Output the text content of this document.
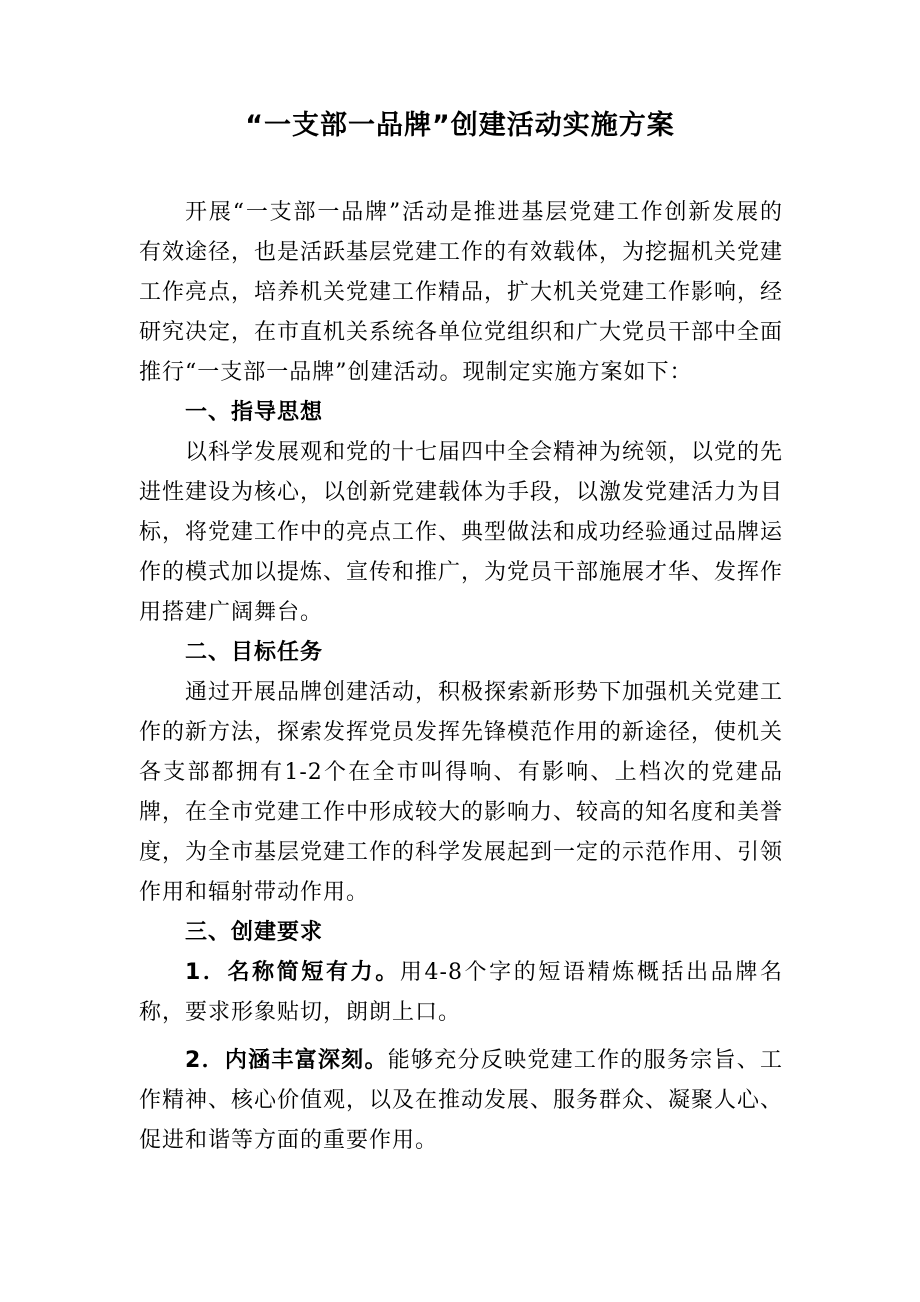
“一支部一品牌”创建活动实施方案

开展“一支部一品牌”活动是推进基层党建工作创新发展的有效途径，也是活跃基层党建工作的有效载体，为挖掘机关党建工作亮点，培养机关党建工作精品，扩大机关党建工作影响，经研究决定，在市直机关系统各单位党组织和广大党员干部中全面推行“一支部一品牌”创建活动。现制定实施方案如下：

一、指导思想

以科学发展观和党的十七届四中全会精神为统领，以党的先进性建设为核心，以创新党建载体为手段，以激发党建活力为目标，将党建工作中的亮点工作、典型做法和成功经验通过品牌运作的模式加以提炼、宣传和推广，为党员干部施展才华、发挥作用搭建广阔舞台。

二、目标任务

通过开展品牌创建活动，积极探索新形势下加强机关党建工作的新方法，探索发挥党员发挥先锋模范作用的新途径，使机关各支部都拥有1-2个在全市叫得响、有影响、上档次的党建品牌，在全市党建工作中形成较大的影响力、较高的知名度和美誉度，为全市基层党建工作的科学发展起到一定的示范作用、引领作用和辐射带动作用。

三、创建要求

1．名称简短有力。用4-8个字的短语精炼概括出品牌名称，要求形象贴切，朗朗上口。

2．内涵丰富深刻。能够充分反映党建工作的服务宗旨、工作精神、核心价值观，以及在推动发展、服务群众、凝聚人心、促进和谐等方面的重要作用。
